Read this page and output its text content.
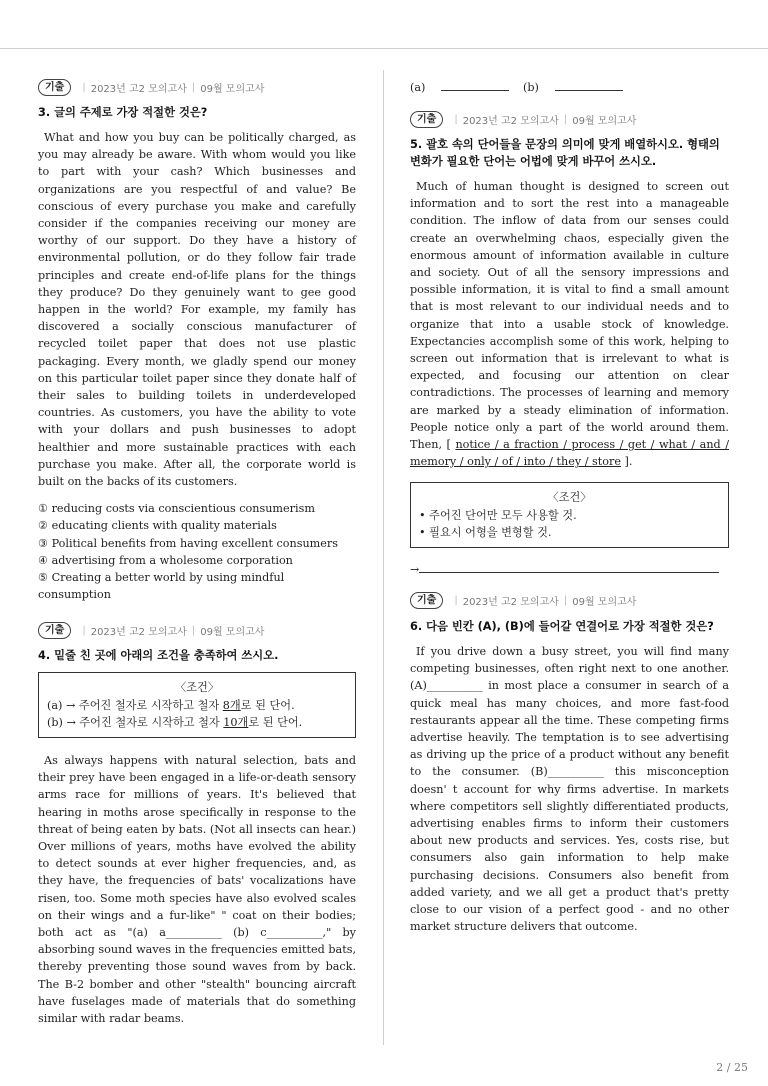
기출	| 2023년 고2 모의고사 | 09월 모의고사
3. 글의 주제로 가장 적절한 것은?

What and how you buy can be politically charged, as you may already be aware. With whom would you like to part with your cash? Which businesses and organizations are you respectful of and value? Be conscious of every purchase you make and carefully consider if the companies receiving our money are worthy of our support. Do they have a history of environmental pollution, or do they follow fair trade principles and create end-of-life plans for the things they produce? Do they genuinely want to gee good happen in the world? For example, my family has discovered a socially conscious manufacturer of recycled toilet paper that does not use plastic packaging. Every month, we gladly spend our money on this particular toilet paper since they donate half of their sales to building toilets in underdeveloped countries. As customers, you have the ability to vote with your dollars and push businesses to adopt healthier and more sustainable practices with each purchase you make. After all, the corporate world is built on the backs of its customers.

① reducing costs via conscientious consumerism
② educating clients with quality materials
③ Political benefits from having excellent consumers
④ advertising from a wholesome corporation
⑤ Creating a better world by using mindful consumption
기출	| 2023년 고2 모의고사 | 09월 모의고사
4. 밑줄 친 곳에 아래의 조건을 충족하여 쓰시오.
〈조건〉
(a) → 주어진 철자로 시작하고 철자 8개로 된 단어.
(b) → 주어진 철자로 시작하고 철자 10개로 된 단어.

As always happens with natural selection, bats and their prey have been engaged in a life-or-death sensory arms race for millions of years. It's believed that hearing in moths arose specifically in response to the threat of being eaten by bats. (Not all insects can hear.) Over millions of years, moths have evolved the ability to detect sounds at ever higher frequencies, and, as they have, the frequencies of bats' vocalizations have risen, too. Some moth species have also evolved scales on their wings and a fur-like" " coat on their bodies; both act as "(a) a__________ (b) c__________," by absorbing sound waves in the frequencies emitted bats, thereby preventing those sound waves from by back. The B-2 bomber and other "stealth" bouncing aircraft have fuselages made of materials that do something similar with radar beams.

(a)	(b)
기출	| 2023년 고2 모의고사 | 09월 모의고사
5. 괄호 속의 단어들을 문장의 의미에 맞게 배열하시오. 형태의 변화가 필요한 단어는 어법에 맞게 바꾸어 쓰시오.

Much of human thought is designed to screen out information and to sort the rest into a manageable condition. The inflow of data from our senses could create an overwhelming chaos, especially given the enormous amount of information available in culture and society. Out of all the sensory impressions and possible information, it is vital to find a small amount that is most relevant to our individual needs and to organize that into a usable stock of knowledge. Expectancies accomplish some of this work, helping to screen out information that is irrelevant to what is expected, and focusing our attention on clear contradictions. The processes of learning and memory are marked by a steady elimination of information. People notice only a part of the world around them. Then, [ notice / a fraction / process / get / what / and / memory / only / of / into / they / store ].

〈조건〉
• 주어진 단어만 모두 사용할 것.
• 필요시 어형을 변형할 것.
→
기출	| 2023년 고2 모의고사 | 09월 모의고사
6. 다음 빈칸 (A), (B)에 들어갈 연결어로 가장 적절한 것은?

If you drive down a busy street, you will find many competing businesses, often right next to one another. (A)__________ in most place a consumer in search of a quick meal has many choices, and more fast-food restaurants appear all the time. These competing firms advertise heavily. The temptation is to see advertising as driving up the price of a product without any benefit to the consumer. (B)__________ this misconception doesn' t account for why firms advertise. In markets where competitors sell slightly differentiated products, advertising enables firms to inform their customers about new products and services. Yes, costs rise, but consumers also gain information to help make purchasing decisions. Consumers also benefit from added variety, and we all get a product that's pretty close to our vision of a perfect good - and no other market structure delivers that outcome.

2 / 25
